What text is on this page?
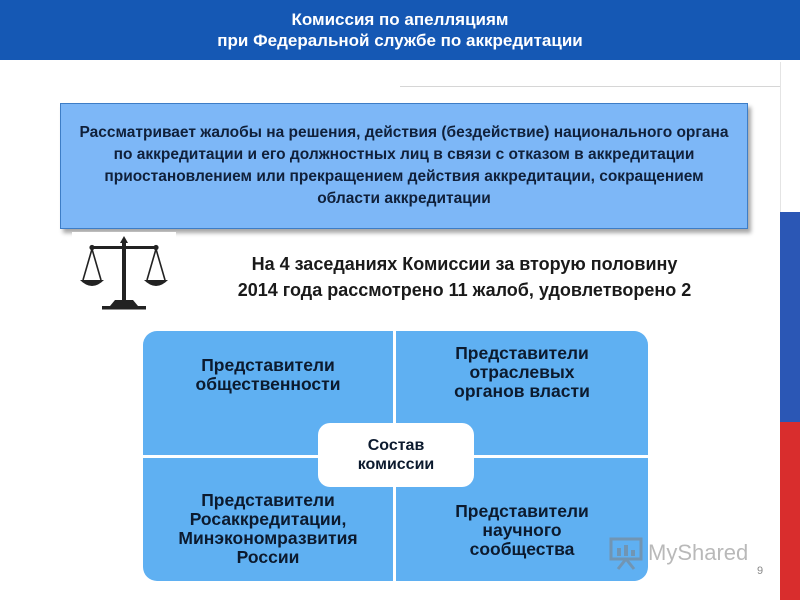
Комиссия по апелляциям
при Федеральной службе по аккредитации

Рассматривает жалобы на решения, действия (бездействие) национального органа по аккредитации и его должностных лиц в связи с отказом в аккредитации приостановлением или прекращением действия аккредитации, сокращением области аккредитации

На 4 заседаниях Комиссии за вторую половину
2014 года рассмотрено 11 жалоб, удовлетворено 2
Представители
общественности
Представители
отраслевых
органов власти
Представители
Росаккредитации,
Минэкономразвития
России
Представители
научного
сообщества
Состав
комиссии
MyShared
9
